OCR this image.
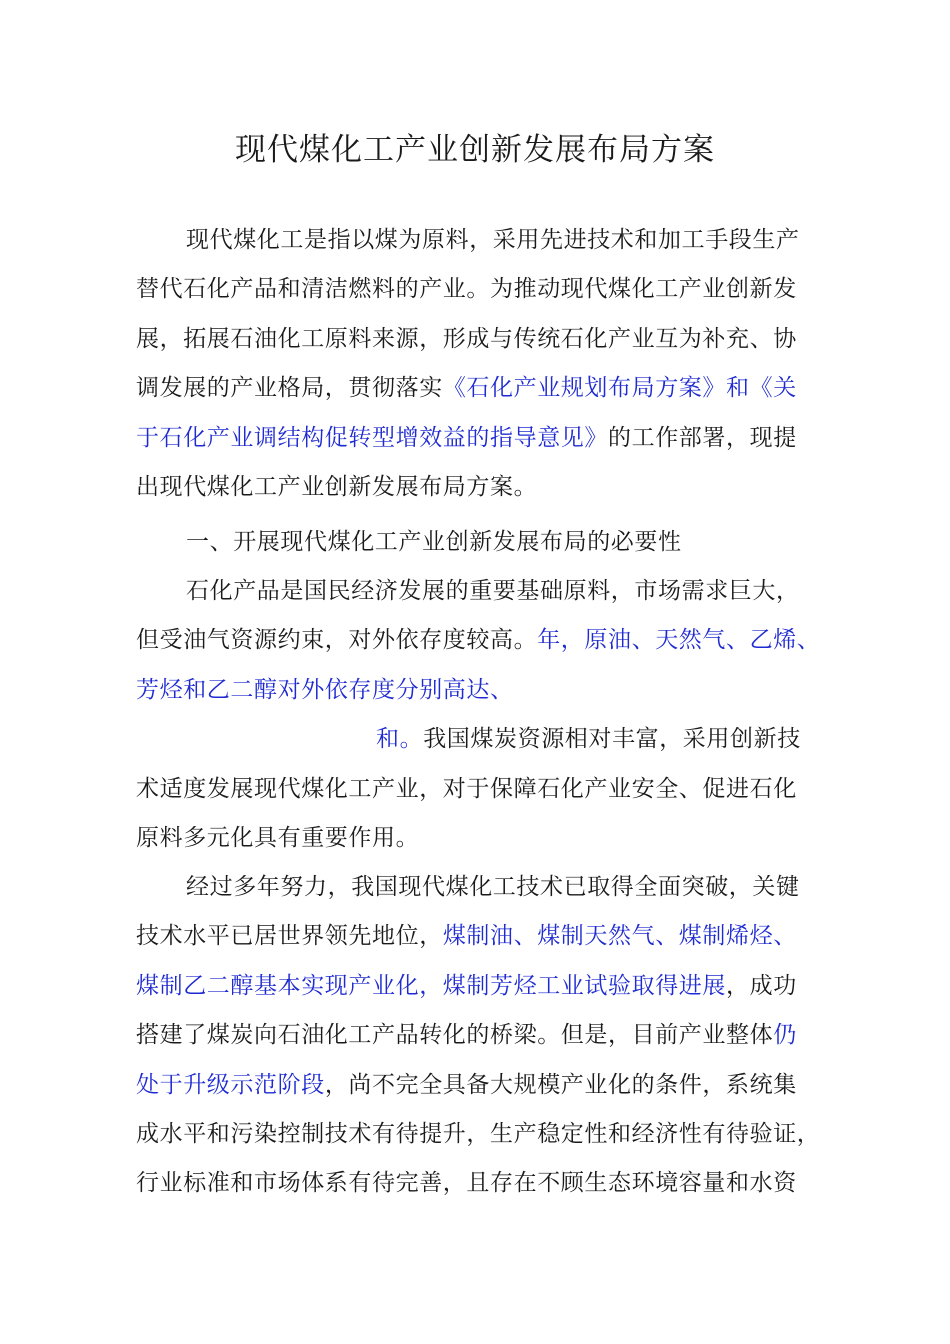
现代煤化工产业创新发展布局方案
现代煤化工是指以煤为原料，采用先进技术和加工手段生产
替代石化产品和清洁燃料的产业。为推动现代煤化工产业创新发
展，拓展石油化工原料来源，形成与传统石化产业互为补充、协
调发展的产业格局，贯彻落实《石化产业规划布局方案》和《关
于石化产业调结构促转型增效益的指导意见》的工作部署，现提
出现代煤化工产业创新发展布局方案。
一、开展现代煤化工产业创新发展布局的必要性
石化产品是国民经济发展的重要基础原料，市场需求巨大，
但受油气资源约束，对外依存度较高。年，原油、天然气、乙烯、
芳烃和乙二醇对外依存度分别高达、
和。我国煤炭资源相对丰富，采用创新技
术适度发展现代煤化工产业，对于保障石化产业安全、促进石化
原料多元化具有重要作用。
经过多年努力，我国现代煤化工技术已取得全面突破，关键
技术水平已居世界领先地位，煤制油、煤制天然气、煤制烯烃、
煤制乙二醇基本实现产业化，煤制芳烃工业试验取得进展，成功
搭建了煤炭向石油化工产品转化的桥梁。但是，目前产业整体仍
处于升级示范阶段，尚不完全具备大规模产业化的条件，系统集
成水平和污染控制技术有待提升，生产稳定性和经济性有待验证，
行业标准和市场体系有待完善，且存在不顾生态环境容量和水资
